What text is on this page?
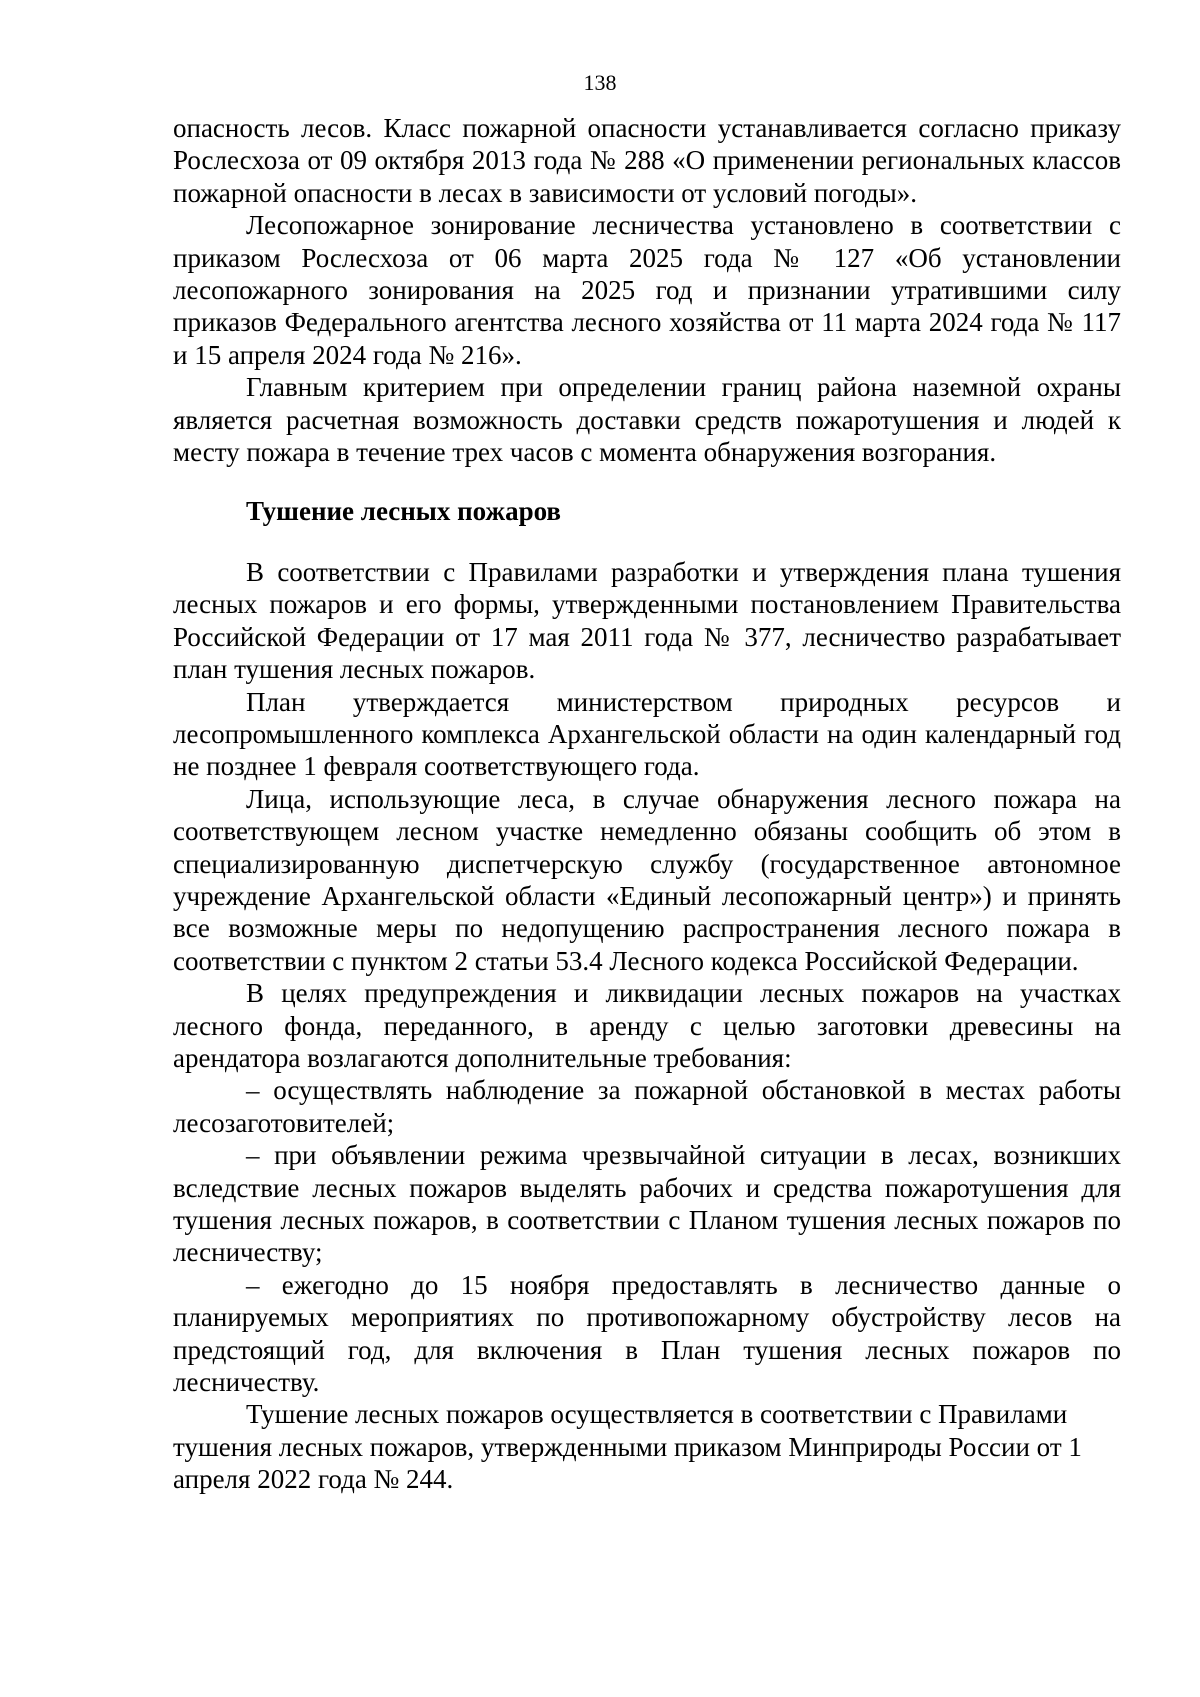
138

опасность лесов. Класс пожарной опасности устанавливается согласно приказу Рослесхоза от 09 октября 2013 года № 288 «О применении региональных классов пожарной опасности в лесах в зависимости от условий погоды».

Лесопожарное зонирование лесничества установлено в соответствии с приказом Рослесхоза от 06 марта 2025 года № 127 «Об установлении лесопожарного зонирования на 2025 год и признании утратившими силу приказов Федерального агентства лесного хозяйства от 11 марта 2024 года № 117 и 15 апреля 2024 года № 216».

Главным критерием при определении границ района наземной охраны является расчетная возможность доставки средств пожаротушения и людей к месту пожара в течение трех часов с момента обнаружения возгорания.

Тушение лесных пожаров

В соответствии с Правилами разработки и утверждения плана тушения лесных пожаров и его формы, утвержденными постановлением Правительства Российской Федерации от 17 мая 2011 года № 377, лесничество разрабатывает план тушения лесных пожаров.

План утверждается министерством природных ресурсов и лесопромышленного комплекса Архангельской области на один календарный год не позднее 1 февраля соответствующего года.

Лица, использующие леса, в случае обнаружения лесного пожара на соответствующем лесном участке немедленно обязаны сообщить об этом в специализированную диспетчерскую службу (государственное автономное учреждение Архангельской области «Единый лесопожарный центр») и принять все возможные меры по недопущению распространения лесного пожара в соответствии с пунктом 2 статьи 53.4 Лесного кодекса Российской Федерации.

В целях предупреждения и ликвидации лесных пожаров на участках лесного фонда, переданного, в аренду с целью заготовки древесины на арендатора возлагаются дополнительные требования:

– осуществлять наблюдение за пожарной обстановкой в местах работы лесозаготовителей;

– при объявлении режима чрезвычайной ситуации в лесах, возникших вследствие лесных пожаров выделять рабочих и средства пожаротушения для тушения лесных пожаров, в соответствии с Планом тушения лесных пожаров по лесничеству;

– ежегодно до 15 ноября предоставлять в лесничество данные о планируемых мероприятиях по противопожарному обустройству лесов на предстоящий год, для включения в План тушения лесных пожаров по лесничеству.

Тушение лесных пожаров осуществляется в соответствии с Правилами тушения лесных пожаров, утвержденными приказом Минприроды России от 1 апреля 2022 года № 244.
